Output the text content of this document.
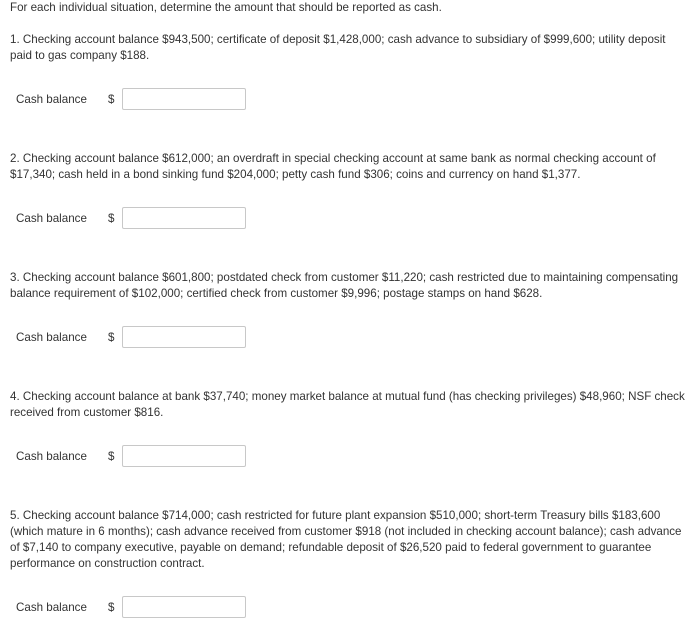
For each individual situation, determine the amount that should be reported as cash.

1. Checking account balance $943,500; certificate of deposit $1,428,000; cash advance to subsidiary of $999,600; utility deposit paid to gas company $188.

Cash balance $

2. Checking account balance $612,000; an overdraft in special checking account at same bank as normal checking account of $17,340; cash held in a bond sinking fund $204,000; petty cash fund $306; coins and currency on hand $1,377.

Cash balance $

3. Checking account balance $601,800; postdated check from customer $11,220; cash restricted due to maintaining compensating balance requirement of $102,000; certified check from customer $9,996; postage stamps on hand $628.

Cash balance $

4. Checking account balance at bank $37,740; money market balance at mutual fund (has checking privileges) $48,960; NSF check received from customer $816.

Cash balance $

5. Checking account balance $714,000; cash restricted for future plant expansion $510,000; short-term Treasury bills $183,600 (which mature in 6 months); cash advance received from customer $918 (not included in checking account balance); cash advance of $7,140 to company executive, payable on demand; refundable deposit of $26,520 paid to federal government to guarantee performance on construction contract.

Cash balance $
